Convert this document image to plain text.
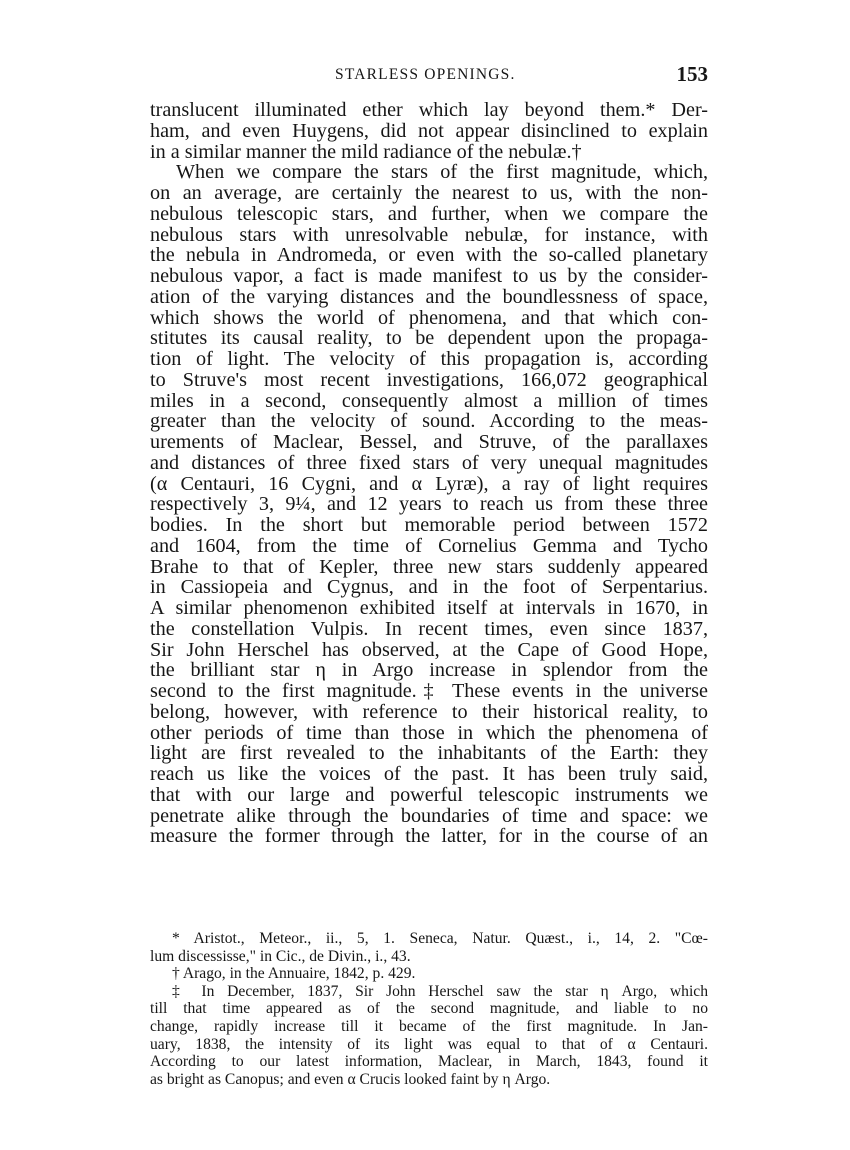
STARLESS OPENINGS.	153
translucent illuminated ether which lay beyond them.* Der-
ham, and even Huygens, did not appear disinclined to explain
in a similar manner the mild radiance of the nebulæ.†
When we compare the stars of the first magnitude, which,
on an average, are certainly the nearest to us, with the non-
nebulous telescopic stars, and further, when we compare the
nebulous stars with unresolvable nebulæ, for instance, with
the nebula in Andromeda, or even with the so-called planetary
nebulous vapor, a fact is made manifest to us by the consider-
ation of the varying distances and the boundlessness of space,
which shows the world of phenomena, and that which con-
stitutes its causal reality, to be dependent upon the propaga-
tion of light. The velocity of this propagation is, according
to Struve's most recent investigations, 166,072 geographical
miles in a second, consequently almost a million of times
greater than the velocity of sound. According to the meas-
urements of Maclear, Bessel, and Struve, of the parallaxes
and distances of three fixed stars of very unequal magnitudes
(α Centauri, 16 Cygni, and α Lyræ), a ray of light requires
respectively 3, 9¼, and 12 years to reach us from these three
bodies. In the short but memorable period between 1572
and 1604, from the time of Cornelius Gemma and Tycho
Brahe to that of Kepler, three new stars suddenly appeared
in Cassiopeia and Cygnus, and in the foot of Serpentarius.
A similar phenomenon exhibited itself at intervals in 1670, in
the constellation Vulpis. In recent times, even since 1837,
Sir John Herschel has observed, at the Cape of Good Hope,
the brilliant star η in Argo increase in splendor from the
second to the first magnitude.‡ These events in the universe
belong, however, with reference to their historical reality, to
other periods of time than those in which the phenomena of
light are first revealed to the inhabitants of the Earth: they
reach us like the voices of the past. It has been truly said,
that with our large and powerful telescopic instruments we
penetrate alike through the boundaries of time and space: we
measure the former through the latter, for in the course of an
* Aristot., Meteor., ii., 5, 1. Seneca, Natur. Quæst., i., 14, 2. "Cœ-
lum discessisse," in Cic., de Divin., i., 43.
† Arago, in the Annuaire, 1842, p. 429.
‡ In December, 1837, Sir John Herschel saw the star η Argo, which
till that time appeared as of the second magnitude, and liable to no
change, rapidly increase till it became of the first magnitude. In Jan-
uary, 1838, the intensity of its light was equal to that of α Centauri.
According to our latest information, Maclear, in March, 1843, found it
as bright as Canopus; and even α Crucis looked faint by η Argo.
